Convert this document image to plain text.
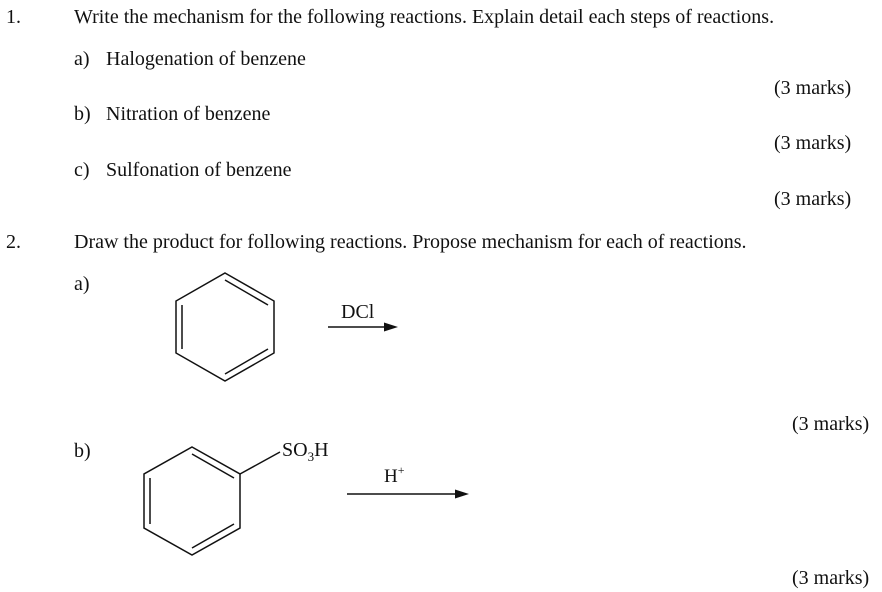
1.	Write the mechanism for the following reactions. Explain detail each steps of reactions.
a) Halogenation of benzene
(3 marks)
b) Nitration of benzene
(3 marks)
c) Sulfonation of benzene
(3 marks)
2.	Draw the product for following reactions. Propose mechanism for each of reactions.
a)
(3 marks)
b)
(3 marks)
DCl
$SO_3H$
H+
